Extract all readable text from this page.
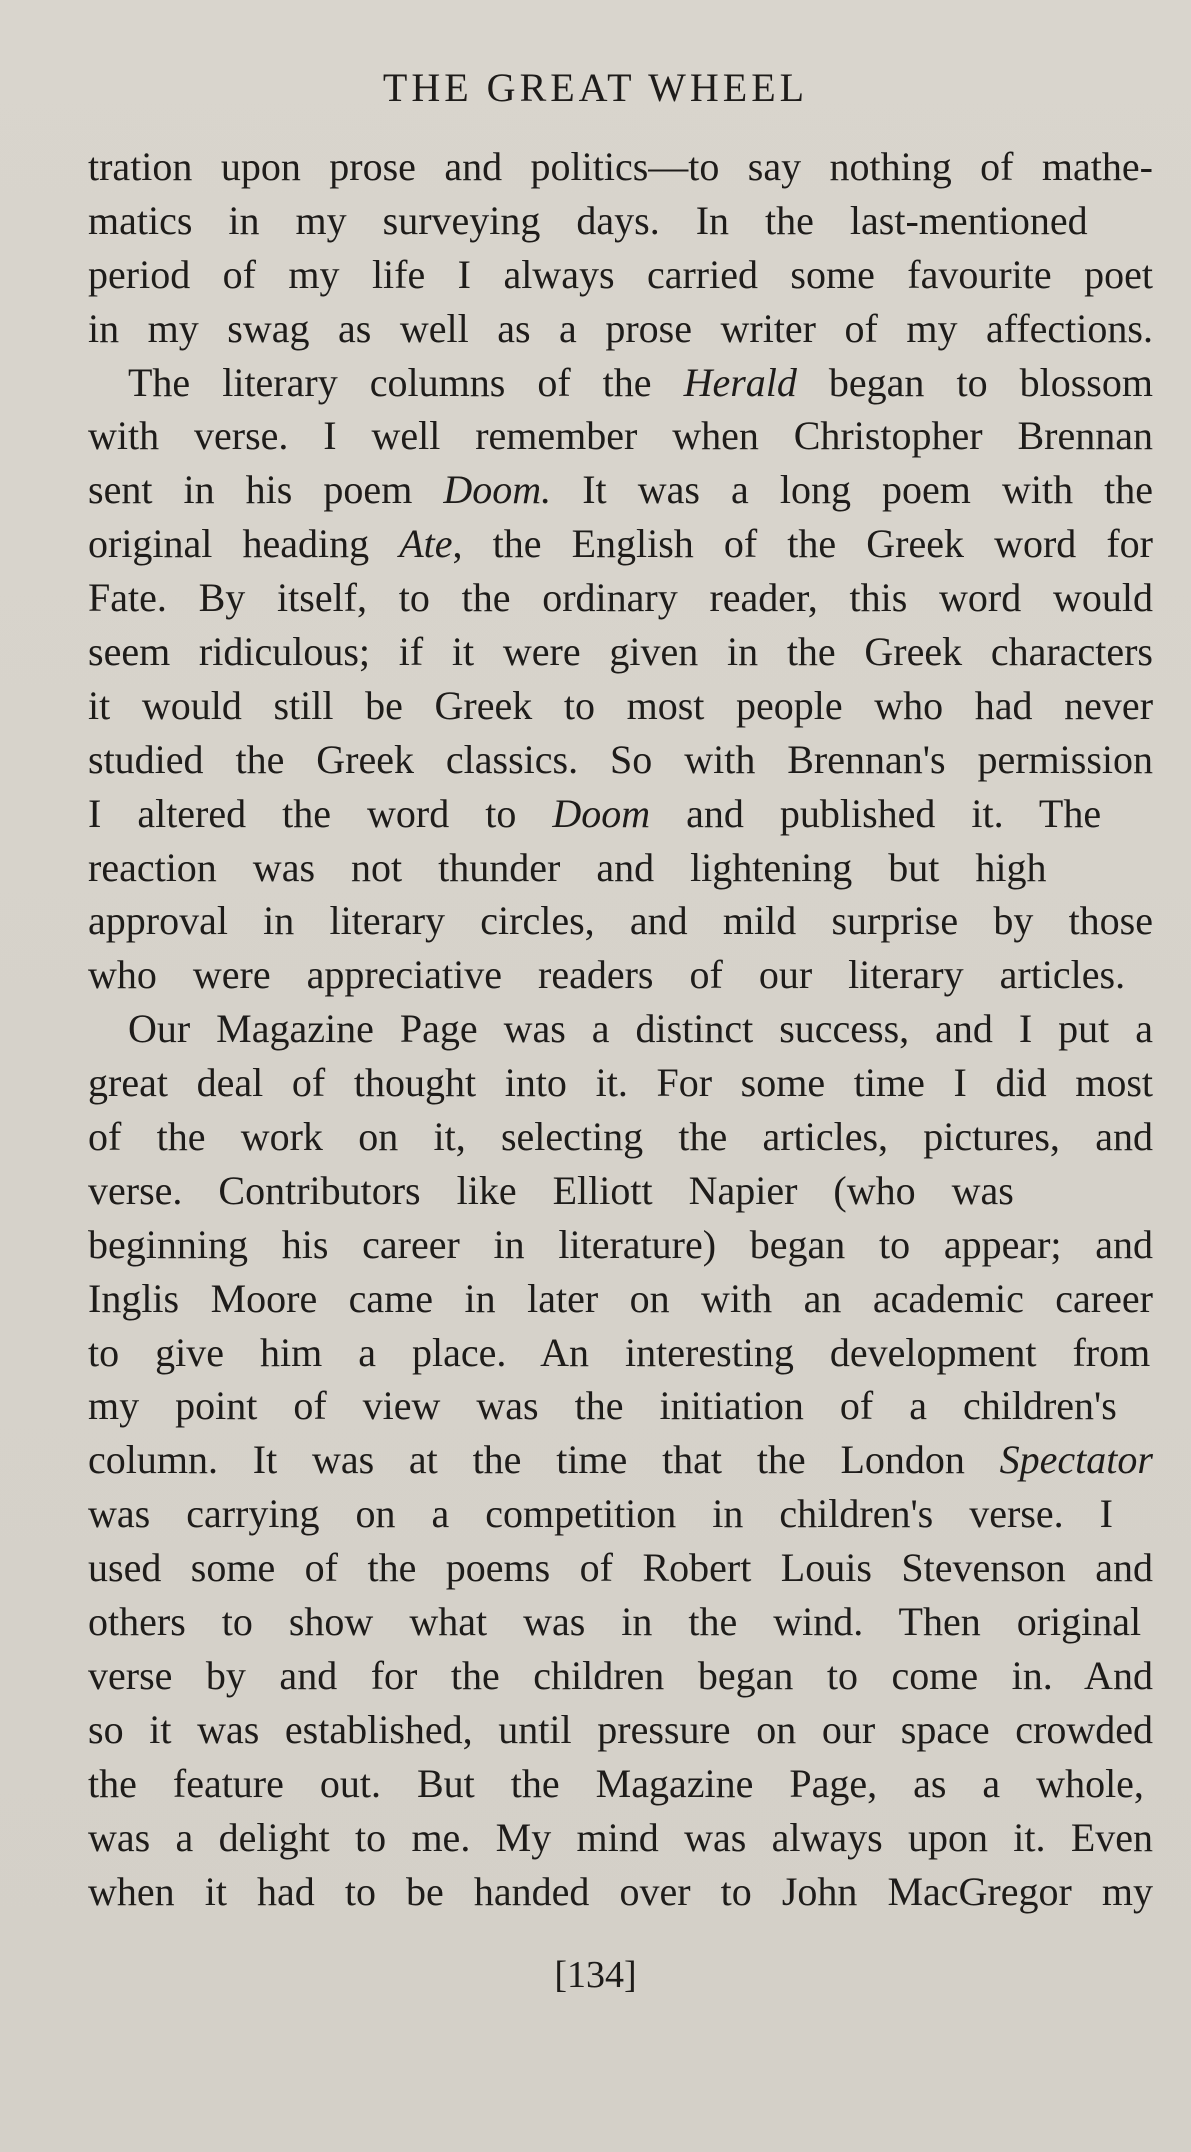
THE GREAT WHEEL
tration upon prose and politics—to say nothing of mathe-
matics in my surveying days. In the last-mentioned
period of my life I always carried some favourite poet
in my swag as well as a prose writer of my affections.
The literary columns of the Herald began to blossom
with verse. I well remember when Christopher Brennan
sent in his poem Doom. It was a long poem with the
original heading Ate, the English of the Greek word for
Fate. By itself, to the ordinary reader, this word would
seem ridiculous; if it were given in the Greek characters
it would still be Greek to most people who had never
studied the Greek classics. So with Brennan's permission
I altered the word to Doom and published it. The
reaction was not thunder and lightening but high
approval in literary circles, and mild surprise by those
who were appreciative readers of our literary articles.
Our Magazine Page was a distinct success, and I put a
great deal of thought into it. For some time I did most
of the work on it, selecting the articles, pictures, and
verse. Contributors like Elliott Napier (who was
beginning his career in literature) began to appear; and
Inglis Moore came in later on with an academic career
to give him a place. An interesting development from
my point of view was the initiation of a children's
column. It was at the time that the London Spectator
was carrying on a competition in children's verse. I
used some of the poems of Robert Louis Stevenson and
others to show what was in the wind. Then original
verse by and for the children began to come in. And
so it was established, until pressure on our space crowded
the feature out. But the Magazine Page, as a whole,
was a delight to me. My mind was always upon it. Even
when it had to be handed over to John MacGregor my
[134]
